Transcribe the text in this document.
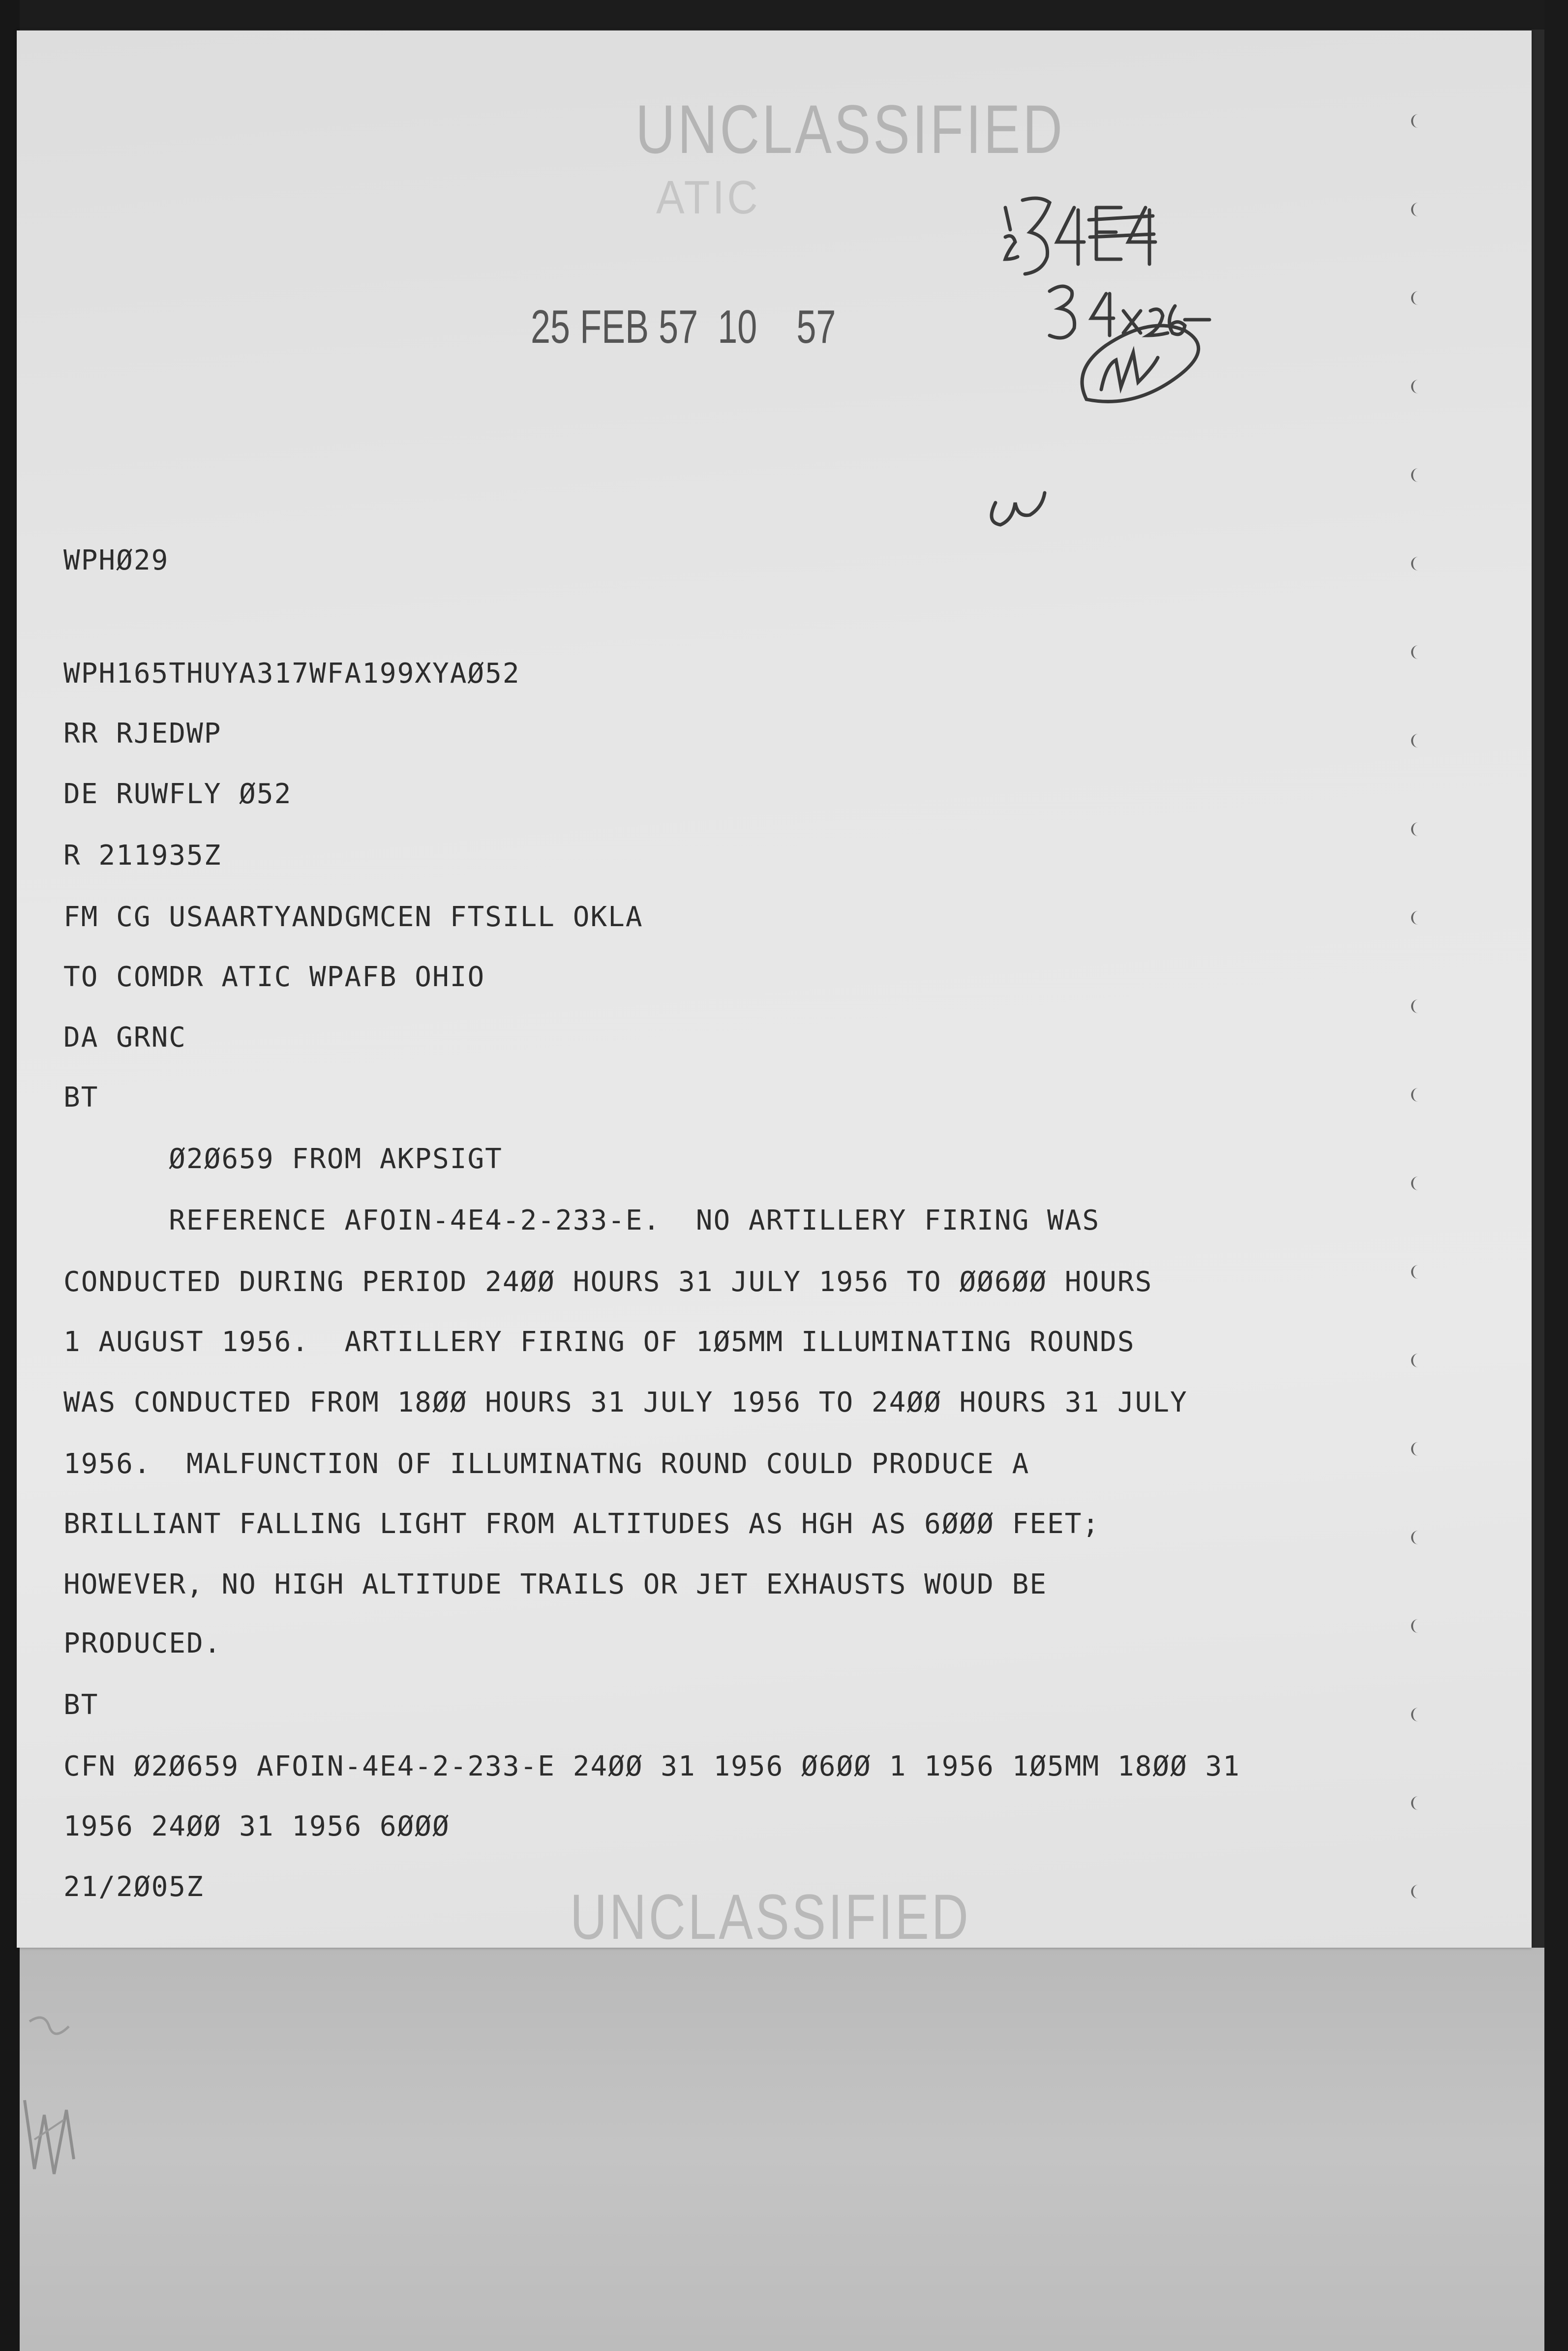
UNCLASSIFIED
ATIC
25 FEB 57  10    57
WPHØ29
WPH165THUYA317WFA199XYAØ52
RR RJEDWP
DE RUWFLY Ø52
R 211935Z
FM CG USAARTYANDGMCEN FTSILL OKLA
TO COMDR ATIC WPAFB OHIO
DA GRNC
BT
Ø2Ø659 FROM AKPSIGT
REFERENCE AFOIN-4E4-2-233-E.  NO ARTILLERY FIRING WAS
CONDUCTED DURING PERIOD 24ØØ HOURS 31 JULY 1956 TO ØØ6ØØ HOURS
1 AUGUST 1956.  ARTILLERY FIRING OF 1Ø5MM ILLUMINATING ROUNDS
WAS CONDUCTED FROM 18ØØ HOURS 31 JULY 1956 TO 24ØØ HOURS 31 JULY
1956.  MALFUNCTION OF ILLUMINATNG ROUND COULD PRODUCE A
BRILLIANT FALLING LIGHT FROM ALTITUDES AS HGH AS 6ØØØ FEET;
HOWEVER, NO HIGH ALTITUDE TRAILS OR JET EXHAUSTS WOUD BE
PRODUCED.
BT
CFN Ø2Ø659 AFOIN-4E4-2-233-E 24ØØ 31 1956 Ø6ØØ 1 1956 1Ø5MM 18ØØ 31
1956 24ØØ 31 1956 6ØØØ
21/2Ø05Z	UNCLASSIFIED
